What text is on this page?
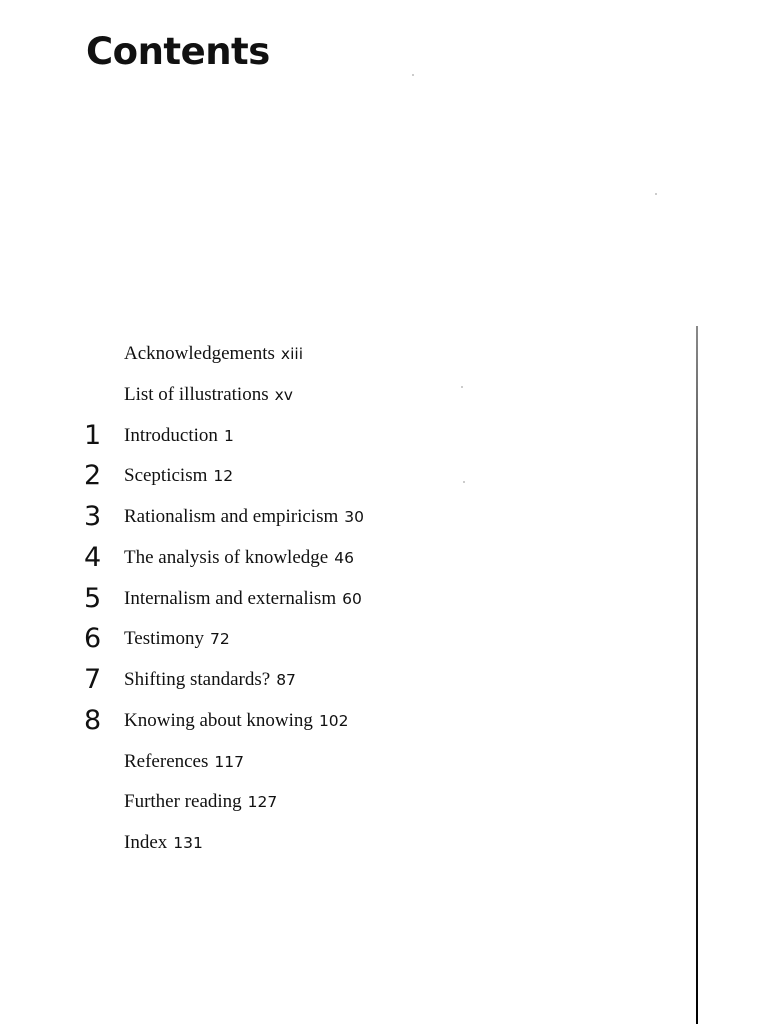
Contents
Acknowledgements xiii
List of illustrations xv
1	Introduction 1
2	Scepticism 12
3	Rationalism and empiricism 30
4	The analysis of knowledge 46
5	Internalism and externalism 60
6	Testimony 72
7	Shifting standards? 87
8	Knowing about knowing 102
References 117
Further reading 127
Index 131
